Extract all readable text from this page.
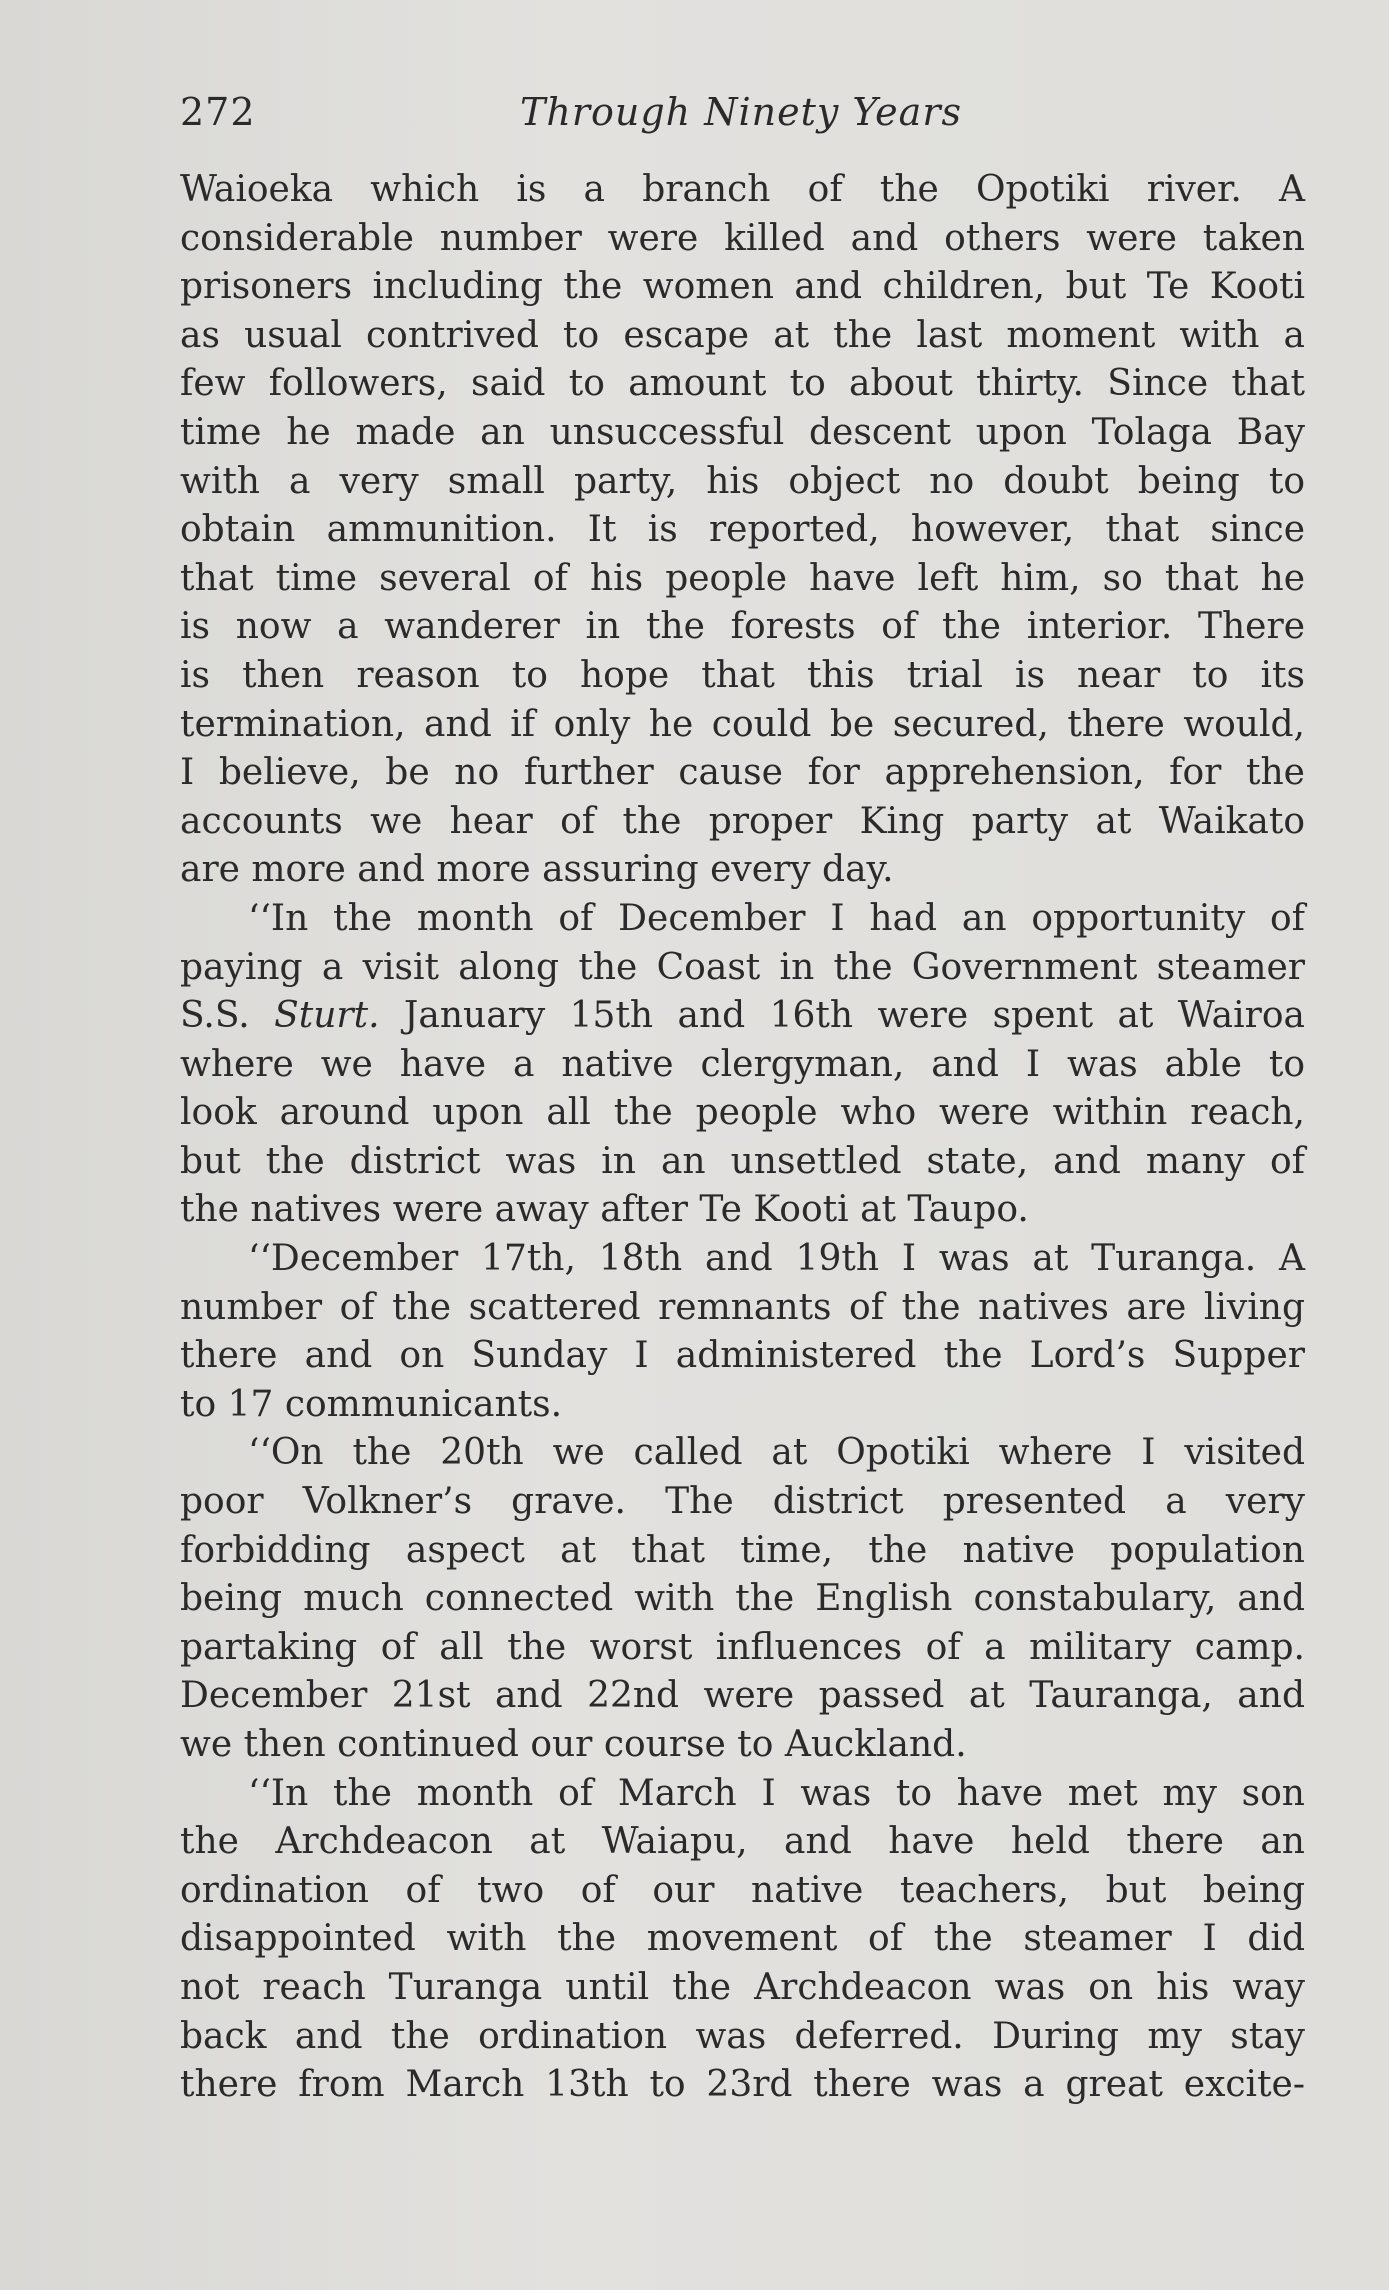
272	Through Ninety Years
Waioeka which is a branch of the Opotiki river. A
considerable number were killed and others were taken
prisoners including the women and children, but Te Kooti
as usual contrived to escape at the last moment with a
few followers, said to amount to about thirty. Since that
time he made an unsuccessful descent upon Tolaga Bay
with a very small party, his object no doubt being to
obtain ammunition. It is reported, however, that since
that time several of his people have left him, so that he
is now a wanderer in the forests of the interior. There
is then reason to hope that this trial is near to its
termination, and if only he could be secured, there would,
I believe, be no further cause for apprehension, for the
accounts we hear of the proper King party at Waikato
are more and more assuring every day.
‘‘In the month of December I had an opportunity of
paying a visit along the Coast in the Government steamer
S.S. Sturt. January 15th and 16th were spent at Wairoa
where we have a native clergyman, and I was able to
look around upon all the people who were within reach,
but the district was in an unsettled state, and many of
the natives were away after Te Kooti at Taupo.
‘‘December 17th, 18th and 19th I was at Turanga. A
number of the scattered remnants of the natives are living
there and on Sunday I administered the Lord’s Supper
to 17 communicants.
‘‘On the 20th we called at Opotiki where I visited
poor Volkner’s grave. The district presented a very
forbidding aspect at that time, the native population
being much connected with the English constabulary, and
partaking of all the worst influences of a military camp.
December 21st and 22nd were passed at Tauranga, and
we then continued our course to Auckland.
‘‘In the month of March I was to have met my son
the Archdeacon at Waiapu, and have held there an
ordination of two of our native teachers, but being
disappointed with the movement of the steamer I did
not reach Turanga until the Archdeacon was on his way
back and the ordination was deferred. During my stay
there from March 13th to 23rd there was a great excite-
